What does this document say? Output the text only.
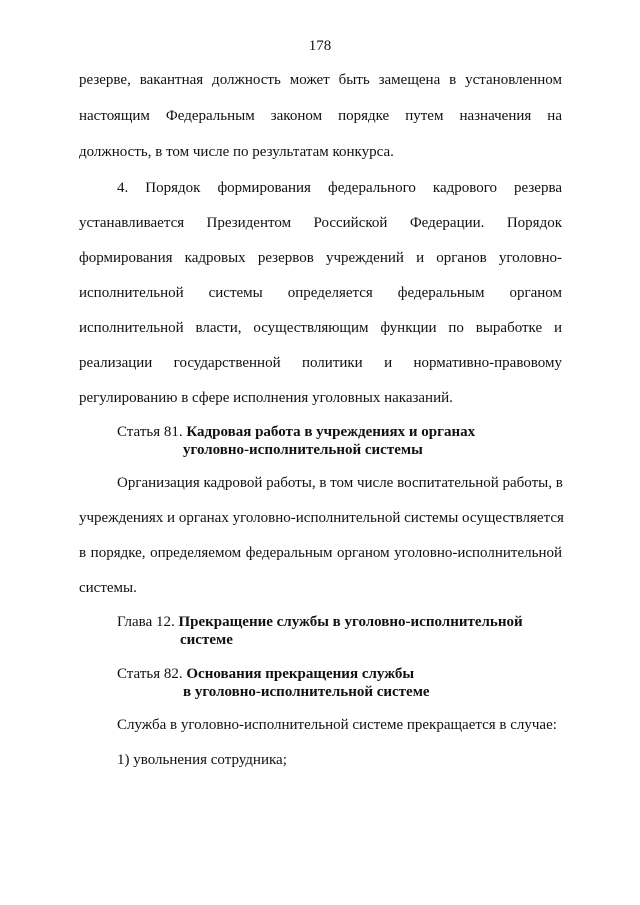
178
резерве, вакантная должность может быть замещена в установленном
настоящим Федеральным законом порядке путем назначения на
должность, в том числе по результатам конкурса.
4. Порядок формирования федерального кадрового резерва
устанавливается Президентом Российской Федерации. Порядок
формирования кадровых резервов учреждений и органов уголовно-
исполнительной системы определяется федеральным органом
исполнительной власти, осуществляющим функции по выработке и
реализации государственной политики и нормативно-правовому
регулированию в сфере исполнения уголовных наказаний.
Статья 81. Кадровая работа в учреждениях и органах
уголовно-исполнительной системы
Организация кадровой работы, в том числе воспитательной работы, в
учреждениях и органах уголовно-исполнительной системы осуществляется
в порядке, определяемом федеральным органом уголовно-исполнительной
системы.
Глава 12. Прекращение службы в уголовно-исполнительной
системе
Статья 82. Основания прекращения службы
в уголовно-исполнительной системе
Служба в уголовно-исполнительной системе прекращается в случае:
1) увольнения сотрудника;
